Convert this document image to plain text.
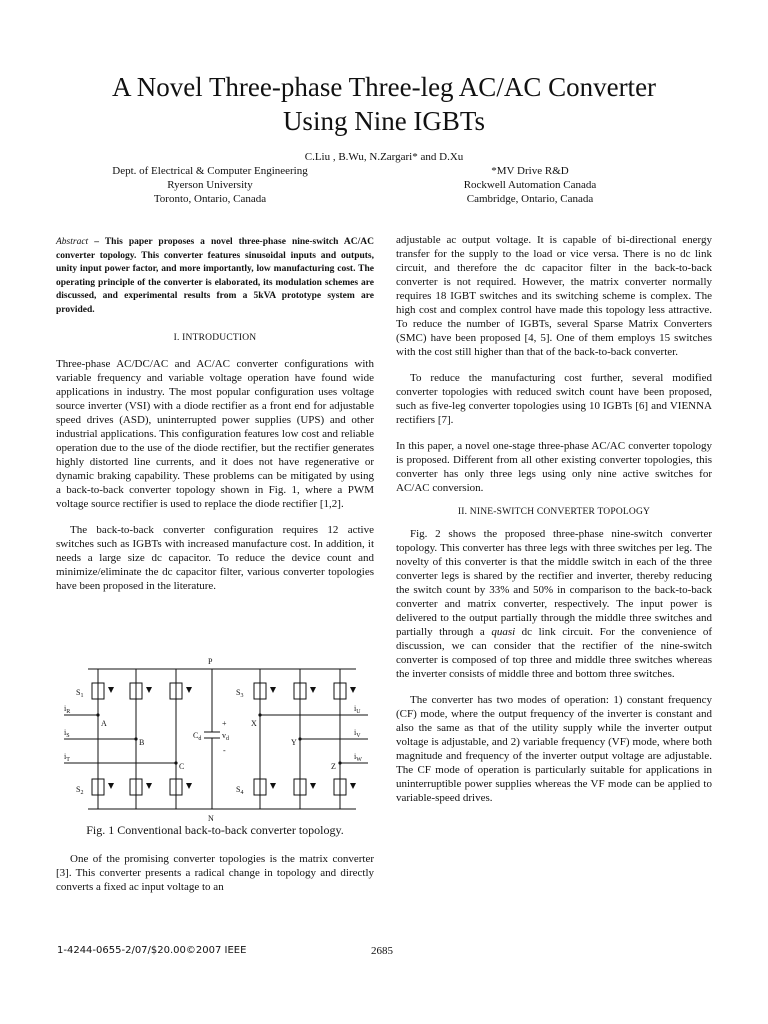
A Novel Three-phase Three-leg AC/AC Converter
Using Nine IGBTs
C.Liu , B.Wu, N.Zargari* and D.Xu
Dept. of Electrical & Computer Engineering
Ryerson University
Toronto, Ontario, Canada
*MV Drive R&D
Rockwell Automation Canada
Cambridge, Ontario, Canada

Abstract – This paper proposes a novel three-phase nine-switch AC/AC converter topology. This converter features sinusoidal inputs and outputs, unity input power factor, and more importantly, low manufacturing cost. The operating principle of the converter is elaborated, its modulation schemes are discussed, and experimental results from a 5kVA prototype system are provided.

I. INTRODUCTION

Three-phase AC/DC/AC and AC/AC converter configurations with variable frequency and variable voltage operation have found wide applications in industry. The most popular configuration uses voltage source inverter (VSI) with a diode rectifier as a front end for adjustable speed drives (ASD), uninterrupted power supplies (UPS) and other industrial applications. This configuration features low cost and reliable operation due to the use of the diode rectifier, but the rectifier generates highly distorted line currents, and it does not have regenerative or dynamic braking capability. These problems can be mitigated by using a back-to-back converter topology shown in Fig. 1, where a PWM voltage source rectifier is used to replace the diode rectifier [1,2].

The back-to-back converter configuration requires 12 active switches such as IGBTs with increased manufacture cost. In addition, it needs a large size dc capacitor. To reduce the device count and minimize/eliminate the dc capacitor filter, various converter topologies have been proposed in the literature.

P
N
$S_1$
$S_2$
$S_3$
$S_4$
A
B
C
X
Y
Z
$i_R$
$i_S$
$i_T$
$i_U$
$i_V$
$i_W$
$C_d$	$v_d$
+
-
Fig. 1 Conventional back-to-back converter topology.

One of the promising converter topologies is the matrix converter [3]. This converter presents a radical change in topology and directly converts a fixed ac input voltage to an

adjustable ac output voltage. It is capable of bi-directional energy transfer for the supply to the load or vice versa. There is no dc link circuit, and therefore the dc capacitor filter in the back-to-back converter is not required. However, the matrix converter normally requires 18 IGBT switches and its switching scheme is complex. The high cost and complex control have made this topology less attractive. To reduce the number of IGBTs, several Sparse Matrix Converters (SMC) have been proposed [4, 5]. One of them employs 15 switches with the cost still higher than that of the back-to-back converter.

To reduce the manufacturing cost further, several modified converter topologies with reduced switch count have been proposed, such as five-leg converter topologies using 10 IGBTs [6] and VIENNA rectifiers [7].

In this paper, a novel one-stage three-phase AC/AC converter topology is proposed. Different from all other existing converter topologies, this converter has only three legs using only nine active switches for AC/AC conversion.

II. NINE-SWITCH CONVERTER TOPOLOGY

Fig. 2 shows the proposed three-phase nine-switch converter topology. This converter has three legs with three switches per leg. The novelty of this converter is that the middle switch in each of the three converter legs is shared by the rectifier and inverter, thereby reducing the switch count by 33% and 50% in comparison to the back-to-back converter and matrix converter, respectively. The input power is delivered to the output partially through the middle three switches and partially through a quasi dc link circuit. For the convenience of discussion, we can consider that the rectifier of the nine-switch converter is composed of top three and middle three switches whereas the inverter consists of middle three and bottom three switches.

The converter has two modes of operation: 1) constant frequency (CF) mode, where the output frequency of the inverter is constant and also the same as that of the utility supply while the inverter output voltage is adjustable, and 2) variable frequency (VF) mode, where both magnitude and frequency of the inverter output voltage are adjustable. The CF mode of operation is particularly suitable for applications in uninterruptible power supplies whereas the VF mode can be applied to variable-speed drives.

1-4244-0655-2/07/$20.00©2007 IEEE	2685
